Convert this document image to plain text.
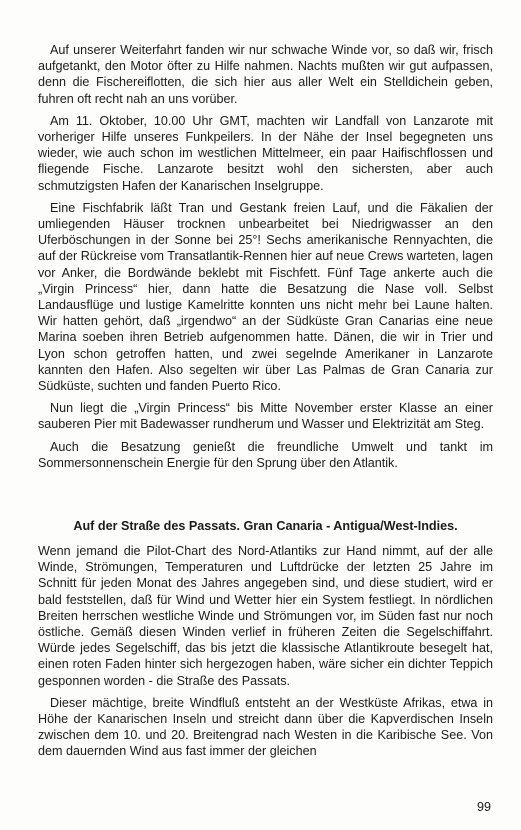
Auf unserer Weiterfahrt fanden wir nur schwache Winde vor, so daß wir, frisch aufgetankt, den Motor öfter zu Hilfe nahmen. Nachts mußten wir gut aufpassen, denn die Fischereiflotten, die sich hier aus aller Welt ein Stelldichein geben, fuhren oft recht nah an uns vorüber.

Am 11. Oktober, 10.00 Uhr GMT, machten wir Landfall von Lanzarote mit vorheriger Hilfe unseres Funkpeilers. In der Nähe der Insel begegneten uns wieder, wie auch schon im westlichen Mittelmeer, ein paar Haifischflossen und fliegende Fische. Lanzarote besitzt wohl den sichersten, aber auch schmutzigsten Hafen der Kanarischen Inselgruppe.

Eine Fischfabrik läßt Tran und Gestank freien Lauf, und die Fäkalien der umliegenden Häuser trocknen unbearbeitet bei Niedrigwasser an den Uferböschungen in der Sonne bei 25°! Sechs amerikanische Rennyachten, die auf der Rückreise vom Transatlantik-Rennen hier auf neue Crews warteten, lagen vor Anker, die Bordwände beklebt mit Fischfett. Fünf Tage ankerte auch die „Virgin Princess“ hier, dann hatte die Besatzung die Nase voll. Selbst Landausflüge und lustige Kamelritte konnten uns nicht mehr bei Laune halten. Wir hatten gehört, daß „irgendwo“ an der Südküste Gran Canarias eine neue Marina soeben ihren Betrieb aufgenommen hatte. Dänen, die wir in Trier und Lyon schon getroffen hatten, und zwei segelnde Amerikaner in Lanzarote kannten den Hafen. Also segelten wir über Las Palmas de Gran Canaria zur Südküste, suchten und fanden Puerto Rico.

Nun liegt die „Virgin Princess“ bis Mitte November erster Klasse an einer sauberen Pier mit Badewasser rundherum und Wasser und Elektrizität am Steg.

Auch die Besatzung genießt die freundliche Umwelt und tankt im Sommersonnenschein Energie für den Sprung über den Atlantik.

Auf der Straße des Passats. Gran Canaria - Antigua/West-Indies.

Wenn jemand die Pilot-Chart des Nord-Atlantiks zur Hand nimmt, auf der alle Winde, Strömungen, Temperaturen und Luftdrücke der letzten 25 Jahre im Schnitt für jeden Monat des Jahres angegeben sind, und diese studiert, wird er bald feststellen, daß für Wind und Wetter hier ein System festliegt. In nördlichen Breiten herrschen westliche Winde und Strömungen vor, im Süden fast nur noch östliche. Gemäß diesen Winden verlief in früheren Zeiten die Segelschiffahrt. Würde jedes Segelschiff, das bis jetzt die klassische Atlantikroute besegelt hat, einen roten Faden hinter sich hergezogen haben, wäre sicher ein dichter Teppich gesponnen worden - die Straße des Passats.

Dieser mächtige, breite Windfluß entsteht an der Westküste Afrikas, etwa in Höhe der Kanarischen Inseln und streicht dann über die Kapverdischen Inseln zwischen dem 10. und 20. Breitengrad nach Westen in die Karibische See. Von dem dauernden Wind aus fast immer der gleichen

99
